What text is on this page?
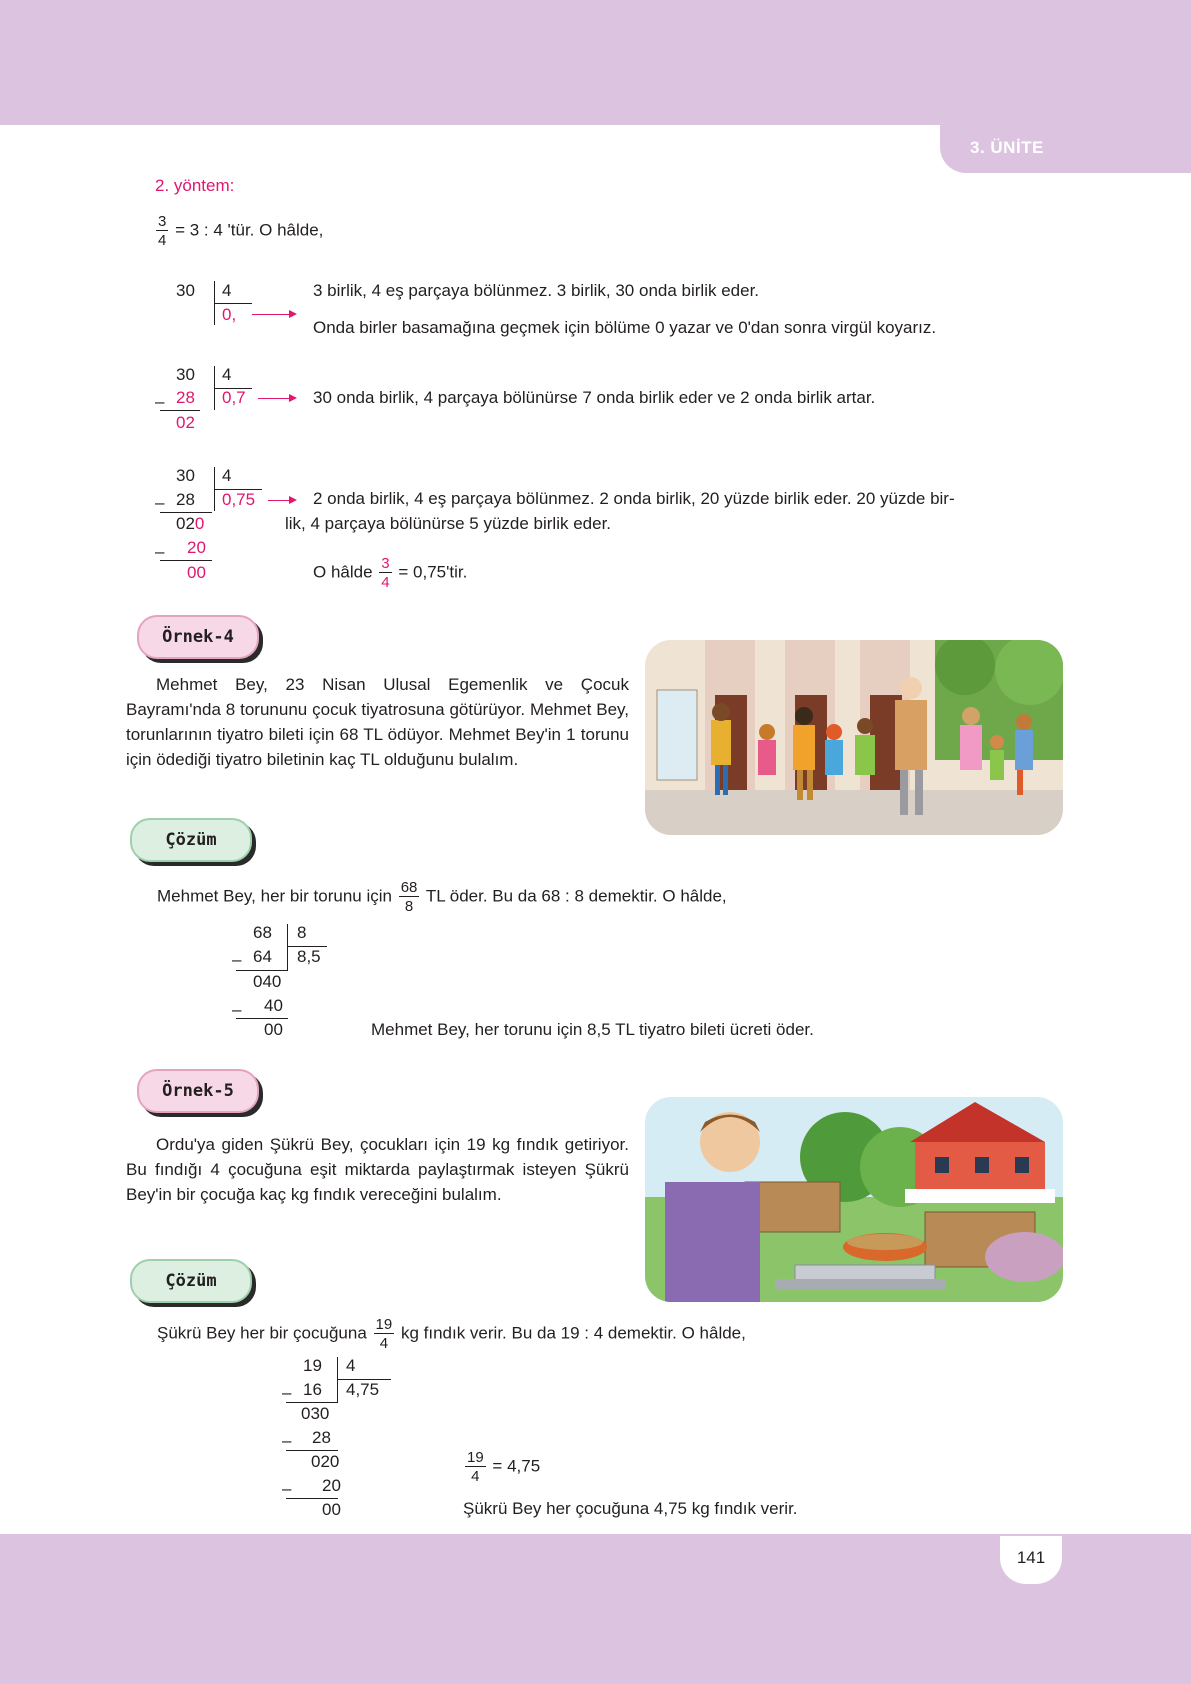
3. ÜNİTE
2. yöntem:
$\frac{3}{4} = 3$ : 4 'tür. O hâlde,
30 4
0,
3 birlik, 4 eş parçaya bölünmez. 3 birlik, 30 onda birlik eder.
Onda birler basamağına geçmek için bölüme 0 yazar ve 0'dan sonra virgül koyarız.
30 4
– 28 0,7
02
30 onda birlik, 4 parçaya bölünürse 7 onda birlik eder ve 2 onda birlik artar.
30 4
– 28 0,75
020
– 20
00
2 onda birlik, 4 eş parçaya bölünmez. 2 onda birlik, 20 yüzde birlik eder. 20 yüzde bir-
lik, 4 parçaya bölünürse 5 yüzde birlik eder.
O hâlde $\frac{3}{4} = 0,75'tir$.
Örnek-4
Mehmet Bey, 23 Nisan Ulusal Egemenlik ve Çocuk Bayramı'nda 8 torununu çocuk tiyatrosuna götürüyor. Mehmet Bey, torunlarının tiyatro bileti için 68 TL ödüyor. Mehmet Bey'in 1 torunu için ödediği tiyatro biletinin kaç TL olduğunu bulalım.
Çözüm
Mehmet Bey, her bir torunu için $\frac{68}{8}$ TL öder. Bu da 68 : 8 demektir. O hâlde,
68 8
– 64 8,5
040
– 40
00	Mehmet Bey, her torunu için 8,5 TL tiyatro bileti ücreti öder.
Örnek-5
Ordu'ya giden Şükrü Bey, çocukları için 19 kg fındık getiriyor. Bu fındığı 4 çocuğuna eşit miktarda paylaştırmak isteyen Şükrü Bey'in bir çocuğa kaç kg fındık vereceğini bulalım.
Çözüm
Şükrü Bey her bir çocuğuna $\frac{19}{4}$ kg fındık verir. Bu da 19 : 4 demektir. O hâlde,
19 4
– 16 4,75
030
– 28
020
– 20
00
$\frac{19}{4} = 4,75$
Şükrü Bey her çocuğuna 4,75 kg fındık verir.
141
